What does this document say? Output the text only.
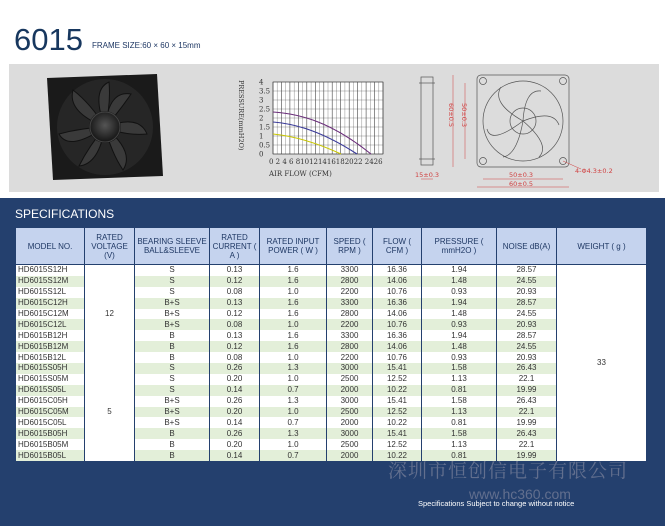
6015 FRAME SIZE:60 × 60 × 15mm
PRESSURE(mmH2O) 4
3.5
3
2.5
2
1.5
1
0.5
0
0 2 4 6 810121416182022 2426
AIR FLOW (CFM)
60±0.5 50±0.3
15±0.3	50±0.3
60±0.5
4-Φ4.3±0.2
SPECIFICATIONS
MODEL NO.	RATED VOLTAGE (V)	BEARING SLEEVE BALL&SLEEVE	RATED CURRENT ( A )	RATED INPUT POWER ( W )	SPEED ( RPM )	FLOW ( CFM )	PRESSURE ( mmH2O )	NOISE dB(A)	WEIGHT ( g )
HD6015S12H	12	S	0.13	1.6	3300	16.36	1.94	28.57	33
HD6015S12M		S	0.12	1.6	2800	14.06	1.48	24.55	
HD6015S12L		S	0.08	1.0	2200	10.76	0.93	20.93	
HD6015C12H		B+S	0.13	1.6	3300	16.36	1.94	28.57	
HD6015C12M		B+S	0.12	1.6	2800	14.06	1.48	24.55	
HD6015C12L		B+S	0.08	1.0	2200	10.76	0.93	20.93	
HD6015B12H		B	0.13	1.6	3300	16.36	1.94	28.57	
HD6015B12M		B	0.12	1.6	2800	14.06	1.48	24.55	
HD6015B12L		B	0.08	1.0	2200	10.76	0.93	20.93	
HD6015S05H	5	S	0.26	1.3	3000	15.41	1.58	26.43	
HD6015S05M		S	0.20	1.0	2500	12.52	1.13	22.1	
HD6015S05L		S	0.14	0.7	2000	10.22	0.81	19.99	
HD6015C05H		B+S	0.26	1.3	3000	15.41	1.58	26.43	
HD6015C05M		B+S	0.20	1.0	2500	12.52	1.13	22.1	
HD6015C05L		B+S	0.14	0.7	2000	10.22	0.81	19.99	
HD6015B05H		B	0.26	1.3	3000	15.41	1.58	26.43	
HD6015B05M		B	0.20	1.0	2500	12.52	1.13	22.1	
HD6015B05L		B	0.14	0.7	2000	10.22	0.81	19.99	
深圳市恒创信电子有限公司
www.hc360.com
Specifications Subject to change without notice
